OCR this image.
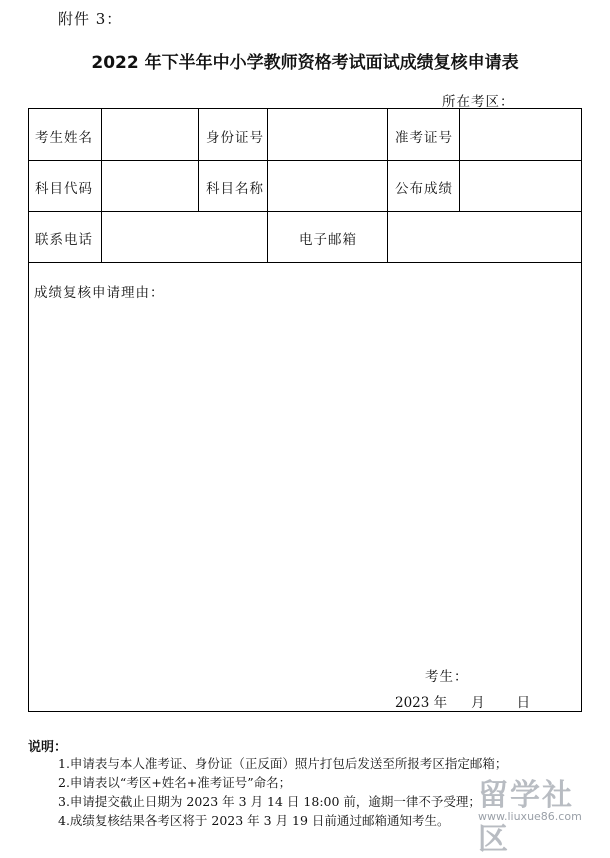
附件 3：
2022 年下半年中小学教师资格考试面试成绩复核申请表
所在考区：
考生姓名	身份证号	准考证号
科目代码	科目名称	公布成绩
联系电话	电子邮箱
成绩复核申请理由：
考生：
2023 年 月 日
说明：
1.申请表与本人准考证、身份证（正反面）照片打包后发送至所报考区指定邮箱；
2.申请表以“考区+姓名+准考证号”命名；
3.申请提交截止日期为 2023 年 3 月 14 日 18:00 前，逾期一律不予受理；
4.成绩复核结果各考区将于 2023 年 3 月 19 日前通过邮箱通知考生。
留学社区
www.liuxue86.com
